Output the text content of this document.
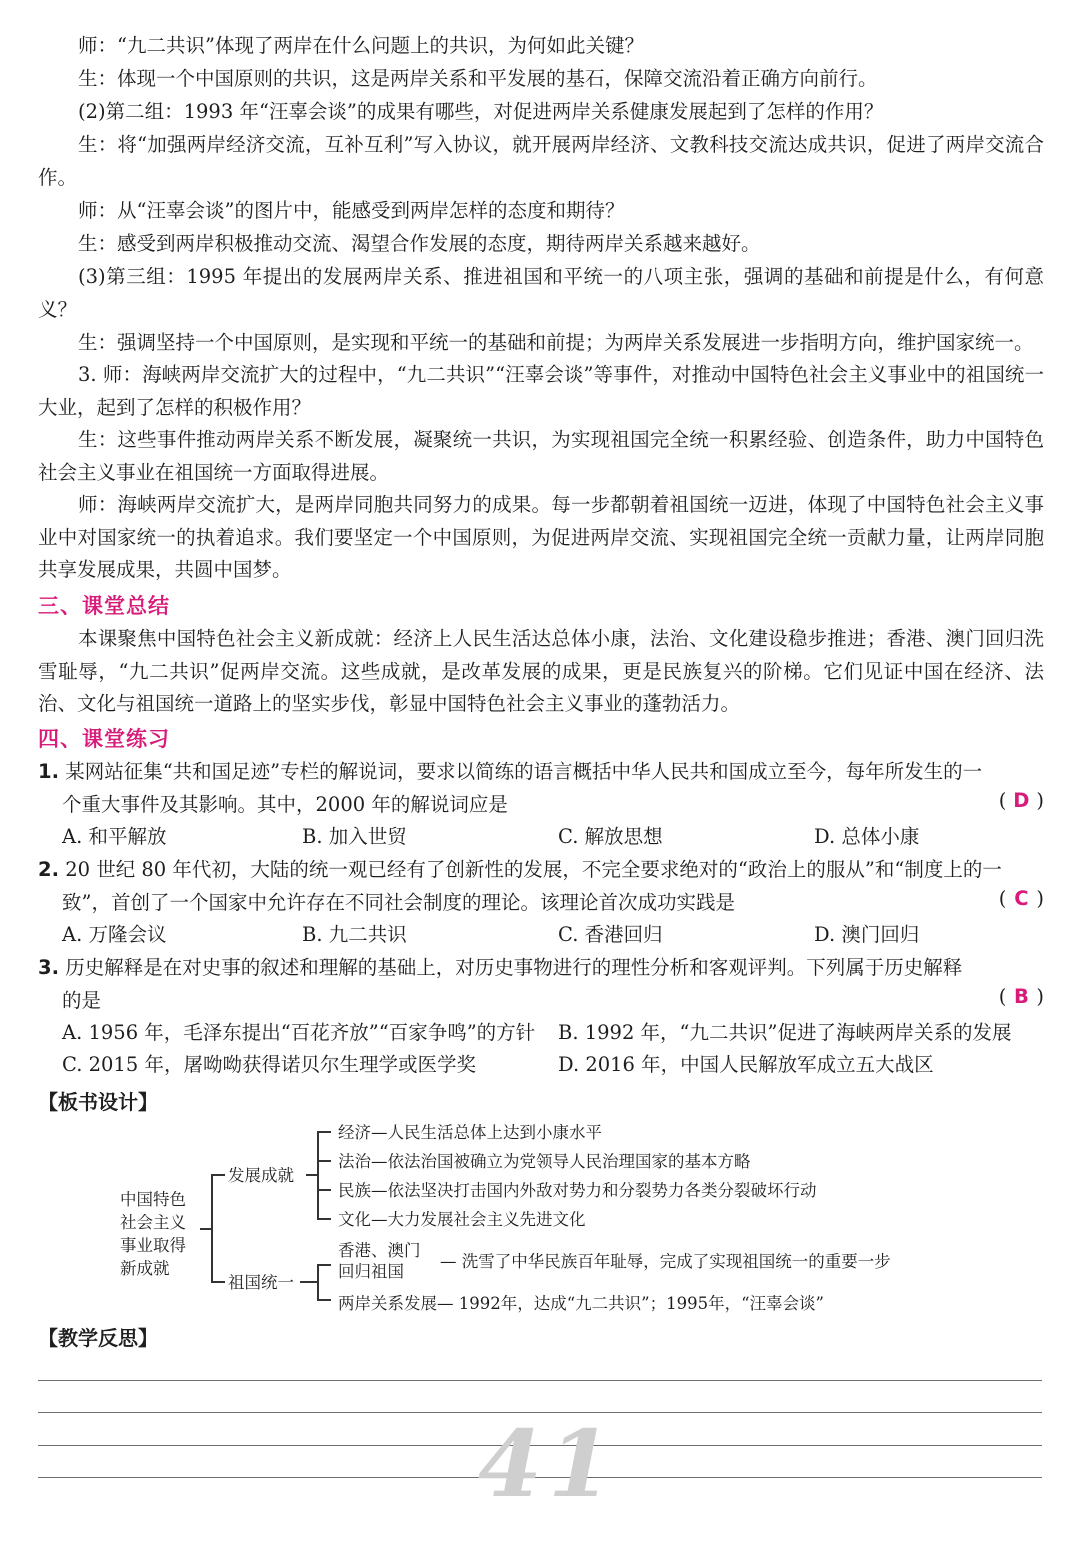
师：“九二共识”体现了两岸在什么问题上的共识，为何如此关键？

生：体现一个中国原则的共识，这是两岸关系和平发展的基石，保障交流沿着正确方向前行。

(2)第二组：1993 年“汪辜会谈”的成果有哪些，对促进两岸关系健康发展起到了怎样的作用？

生：将“加强两岸经济交流，互补互利”写入协议，就开展两岸经济、文教科技交流达成共识，促进了两岸交流合作。

师：从“汪辜会谈”的图片中，能感受到两岸怎样的态度和期待？

生：感受到两岸积极推动交流、渴望合作发展的态度，期待两岸关系越来越好。

(3)第三组：1995 年提出的发展两岸关系、推进祖国和平统一的八项主张，强调的基础和前提是什么，有何意义？

生：强调坚持一个中国原则，是实现和平统一的基础和前提；为两岸关系发展进一步指明方向，维护国家统一。

3. 师：海峡两岸交流扩大的过程中，“九二共识”“汪辜会谈”等事件，对推动中国特色社会主义事业中的祖国统一大业，起到了怎样的积极作用？

生：这些事件推动两岸关系不断发展，凝聚统一共识，为实现祖国完全统一积累经验、创造条件，助力中国特色社会主义事业在祖国统一方面取得进展。

师：海峡两岸交流扩大，是两岸同胞共同努力的成果。每一步都朝着祖国统一迈进，体现了中国特色社会主义事业中对国家统一的执着追求。我们要坚定一个中国原则，为促进两岸交流、实现祖国完全统一贡献力量，让两岸同胞共享发展成果，共圆中国梦。

三、课堂总结

本课聚焦中国特色社会主义新成就：经济上人民生活达总体小康，法治、文化建设稳步推进；香港、澳门回归洗雪耻辱，“九二共识”促两岸交流。这些成就，是改革发展的成果，更是民族复兴的阶梯。它们见证中国在经济、法治、文化与祖国统一道路上的坚实步伐，彰显中国特色社会主义事业的蓬勃活力。

四、课堂练习
1. 某网站征集“共和国足迹”专栏的解说词，要求以简练的语言概括中华人民共和国成立至今，每年所发生的一
个重大事件及其影响。其中，2000 年的解说词应是	( D )
A. 和平解放	B. 加入世贸	C. 解放思想	D. 总体小康
2. 20 世纪 80 年代初，大陆的统一观已经有了创新性的发展，不完全要求绝对的“政治上的服从”和“制度上的一
致”，首创了一个国家中允许存在不同社会制度的理论。该理论首次成功实践是	( C )
A. 万隆会议	B. 九二共识	C. 香港回归	D. 澳门回归
3. 历史解释是在对史事的叙述和理解的基础上，对历史事物进行的理性分析和客观评判。下列属于历史解释
的是	( B )
A. 1956 年，毛泽东提出“百花齐放”“百家争鸣”的方针 B. 1992 年，“九二共识”促进了海峡两岸关系的发展
C. 2015 年，屠呦呦获得诺贝尔生理学或医学奖	D. 2016 年，中国人民解放军成立五大战区
【板书设计】
中国特色
社会主义
事业取得
新成就
发展成就
经济—人民生活总体上达到小康水平
法治—依法治国被确立为党领导人民治理国家的基本方略
民族—依法坚决打击国内外敌对势力和分裂势力各类分裂破坏行动
文化—大力发展社会主义先进文化
祖国统一
香港、澳门
回归祖国
— 洗雪了中华民族百年耻辱，完成了实现祖国统一的重要一步
两岸关系发展— 1992年，达成“九二共识”；1995年，“汪辜会谈”
【教学反思】
41
